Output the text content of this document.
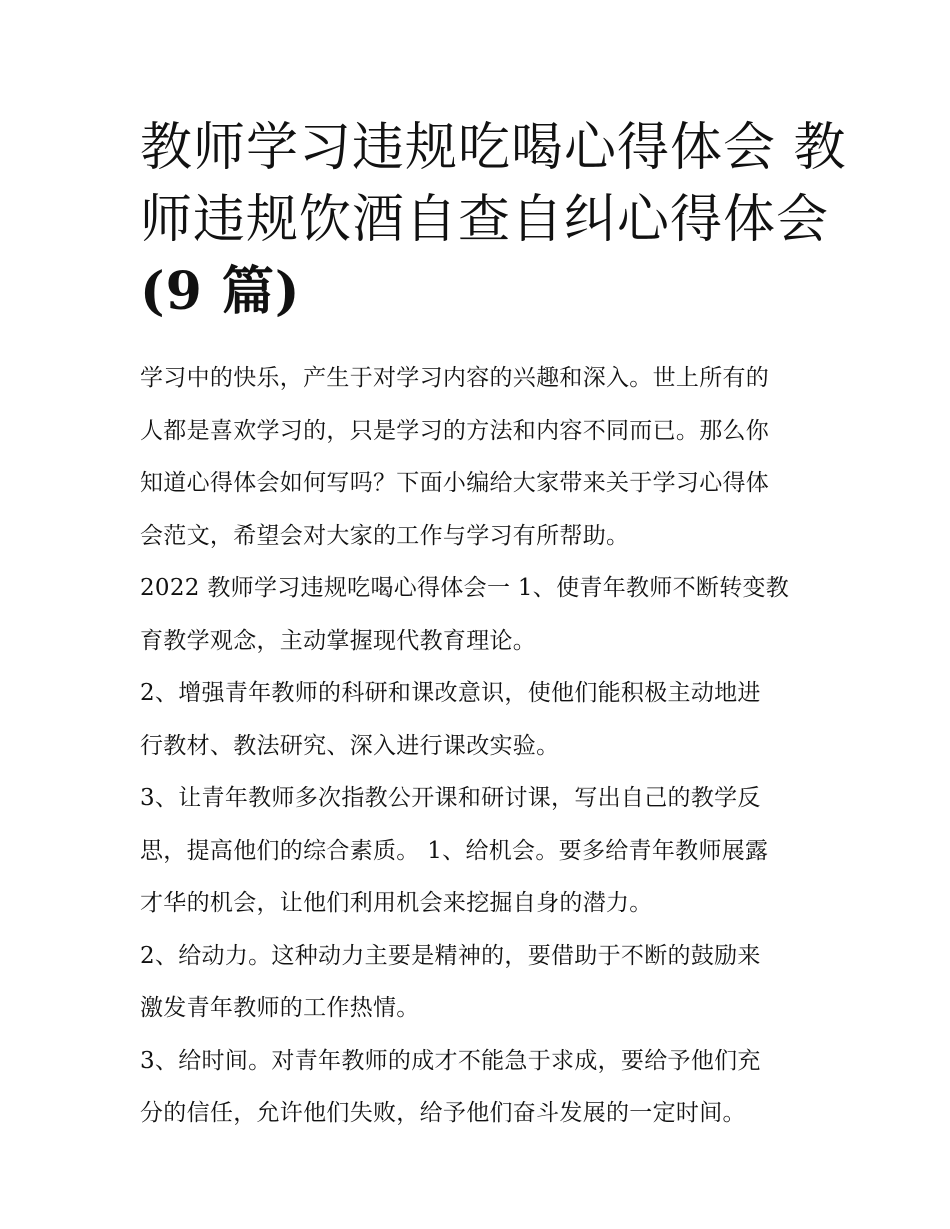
教师学习违规吃喝心得体会 教
师违规饮酒自查自纠心得体会
(9 篇)

学习中的快乐，产生于对学习内容的兴趣和深入。世上所有的
人都是喜欢学习的，只是学习的方法和内容不同而已。那么你
知道心得体会如何写吗？下面小编给大家带来关于学习心得体
会范文，希望会对大家的工作与学习有所帮助。

2022 教师学习违规吃喝心得体会一 1、使青年教师不断转变教
育教学观念，主动掌握现代教育理论。

2、增强青年教师的科研和课改意识，使他们能积极主动地进
行教材、教法研究、深入进行课改实验。

3、让青年教师多次指教公开课和研讨课，写出自己的教学反
思，提高他们的综合素质。 1、给机会。要多给青年教师展露
才华的机会，让他们利用机会来挖掘自身的潜力。

2、给动力。这种动力主要是精神的，要借助于不断的鼓励来
激发青年教师的工作热情。

3、给时间。对青年教师的成才不能急于求成，要给予他们充
分的信任，允许他们失败，给予他们奋斗发展的一定时间。
